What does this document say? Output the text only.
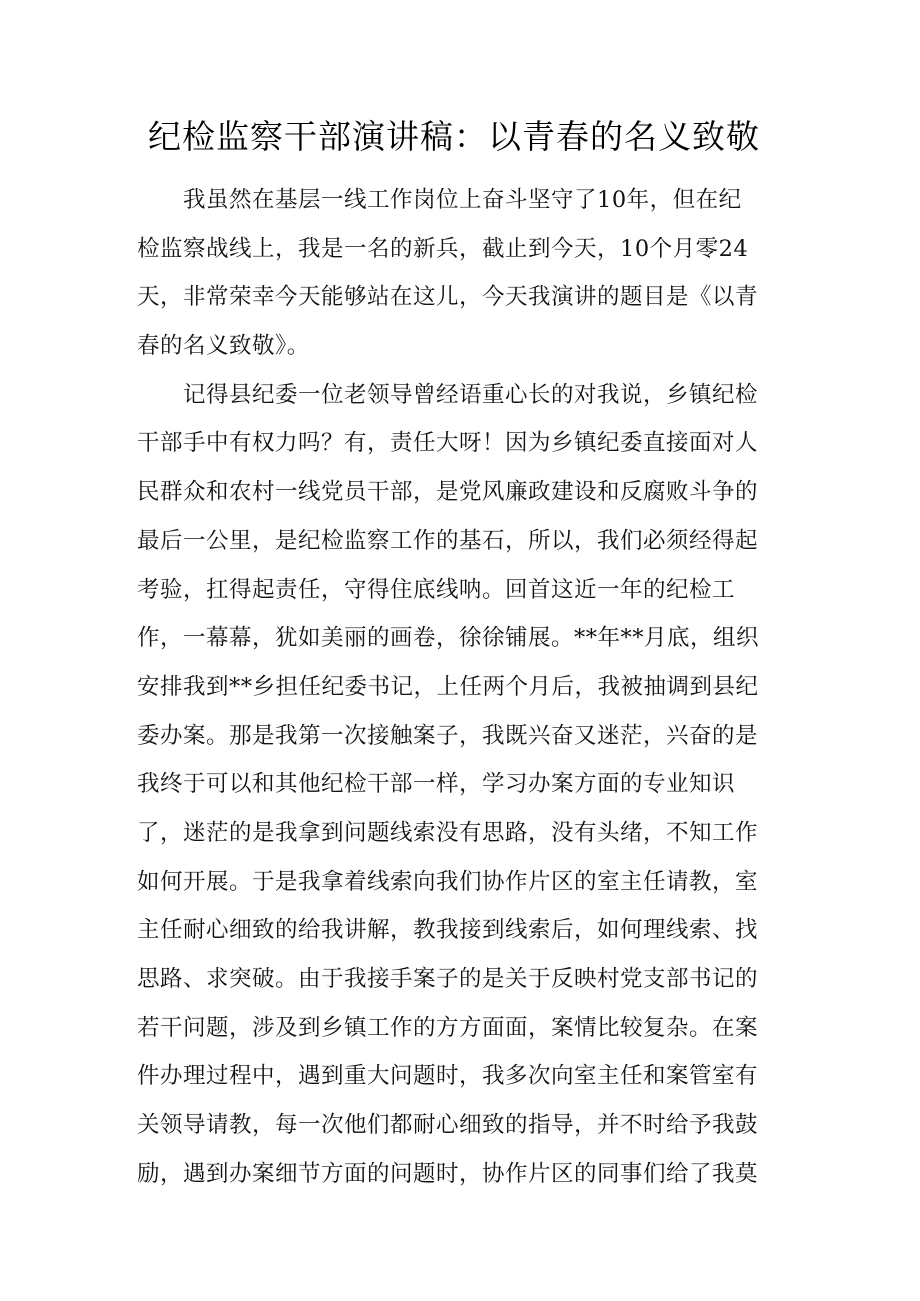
纪检监察干部演讲稿：以青春的名义致敬
我虽然在基层一线工作岗位上奋斗坚守了10年，但在纪
检监察战线上，我是一名的新兵，截止到今天，10个月零24
天，非常荣幸今天能够站在这儿，今天我演讲的题目是《以青
春的名义致敬》。
记得县纪委一位老领导曾经语重心长的对我说，乡镇纪检
干部手中有权力吗？有，责任大呀！因为乡镇纪委直接面对人
民群众和农村一线党员干部，是党风廉政建设和反腐败斗争的
最后一公里，是纪检监察工作的基石，所以，我们必须经得起
考验，扛得起责任，守得住底线呐。回首这近一年的纪检工
作，一幕幕，犹如美丽的画卷，徐徐铺展。**年**月底，组织
安排我到**乡担任纪委书记，上任两个月后，我被抽调到县纪
委办案。那是我第一次接触案子，我既兴奋又迷茫，兴奋的是
我终于可以和其他纪检干部一样，学习办案方面的专业知识
了，迷茫的是我拿到问题线索没有思路，没有头绪，不知工作
如何开展。于是我拿着线索向我们协作片区的室主任请教，室
主任耐心细致的给我讲解，教我接到线索后，如何理线索、找
思路、求突破。由于我接手案子的是关于反映村党支部书记的
若干问题，涉及到乡镇工作的方方面面，案情比较复杂。在案
件办理过程中，遇到重大问题时，我多次向室主任和案管室有
关领导请教，每一次他们都耐心细致的指导，并不时给予我鼓
励，遇到办案细节方面的问题时，协作片区的同事们给了我莫
